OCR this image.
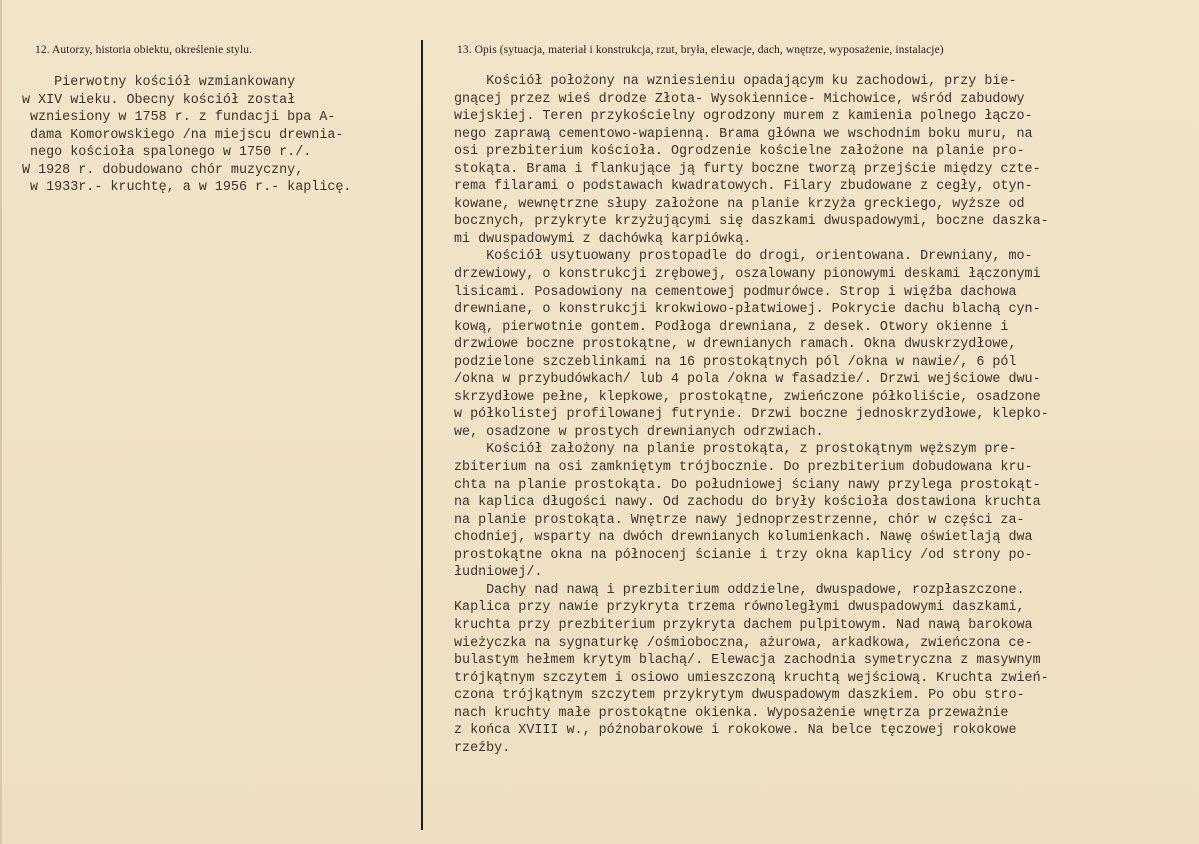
12. Autorzy, historia obiektu, określenie stylu.	13. Opis (sytuacja, materiał i konstrukcja, rzut, bryła, elewacje, dach, wnętrze, wyposażenie, instalacje)
Pierwotny kościół wzmiankowany
w XIV wieku. Obecny kościół został
wzniesiony w 1758 r. z fundacji bpa A-
dama Komorowskiego /na miejscu drewnia-
nego kościoła spalonego w 1750 r./.
W 1928 r. dobudowano chór muzyczny,
w 1933r.- kruchtę, a w 1956 r.- kaplicę.
Kościół położony na wzniesieniu opadającym ku zachodowi, przy bie-
gnącej przez wieś drodze Złota- Wysokiennice- Michowice, wśród zabudowy
wiejskiej. Teren przykościelny ogrodzony murem z kamienia polnego łączo-
nego zaprawą cementowo-wapienną. Brama główna we wschodnim boku muru, na
osi prezbiterium kościoła. Ogrodzenie kościelne założone na planie pro-
stokąta. Brama i flankujące ją furty boczne tworzą przejście między czte-
rema filarami o podstawach kwadratowych. Filary zbudowane z cegły, otyn-
kowane, wewnętrzne słupy założone na planie krzyża greckiego, wyższe od
bocznych, przykryte krzyżującymi się daszkami dwuspadowymi, boczne daszka-
mi dwuspadowymi z dachówką karpiówką.
Kościół usytuowany prostopadle do drogi, orientowana. Drewniany, mo-
drzewiowy, o konstrukcji zrębowej, oszalowany pionowymi deskami łączonymi
lisicami. Posadowiony na cementowej podmurówce. Strop i więźba dachowa
drewniane, o konstrukcji krokwiowo-płatwiowej. Pokrycie dachu blachą cyn-
kową, pierwotnie gontem. Podłoga drewniana, z desek. Otwory okienne i
drzwiowe boczne prostokątne, w drewnianych ramach. Okna dwuskrzydłowe,
podzielone szczeblinkami na 16 prostokątnych pól /okna w nawie/, 6 pól
/okna w przybudówkach/ lub 4 pola /okna w fasadzie/. Drzwi wejściowe dwu-
skrzydłowe pełne, klepkowe, prostokątne, zwieńczone półkoliście, osadzone
w półkolistej profilowanej futrynie. Drzwi boczne jednoskrzydłowe, klepko-
we, osadzone w prostych drewnianych odrzwiach.
Kościół założony na planie prostokąta, z prostokątnym węższym pre-
zbiterium na osi zamkniętym trójbocznie. Do prezbiterium dobudowana kru-
chta na planie prostokąta. Do południowej ściany nawy przylega prostokąt-
na kaplica długości nawy. Od zachodu do bryły kościoła dostawiona kruchta
na planie prostokąta. Wnętrze nawy jednoprzestrzenne, chór w części za-
chodniej, wsparty na dwóch drewnianych kolumienkach. Nawę oświetlają dwa
prostokątne okna na północenj ścianie i trzy okna kaplicy /od strony po-
łudniowej/.
Dachy nad nawą i prezbiterium oddzielne, dwuspadowe, rozpłaszczone.
Kaplica przy nawie przykryta trzema równoległymi dwuspadowymi daszkami,
kruchta przy prezbiterium przykryta dachem pulpitowym. Nad nawą barokowa
wieżyczka na sygnaturkę /ośmioboczna, ażurowa, arkadkowa, zwieńczona ce-
bulastym hełmem krytym blachą/. Elewacja zachodnia symetryczna z masywnym
trójkątnym szczytem i osiowo umieszczoną kruchtą wejściową. Kruchta zwień-
czona trójkątnym szczytem przykrytym dwuspadowym daszkiem. Po obu stro-
nach kruchty małe prostokątne okienka. Wyposażenie wnętrza przeważnie
z końca XVIII w., późnobarokowe i rokokowe. Na belce tęczowej rokokowe
rzeźby.
